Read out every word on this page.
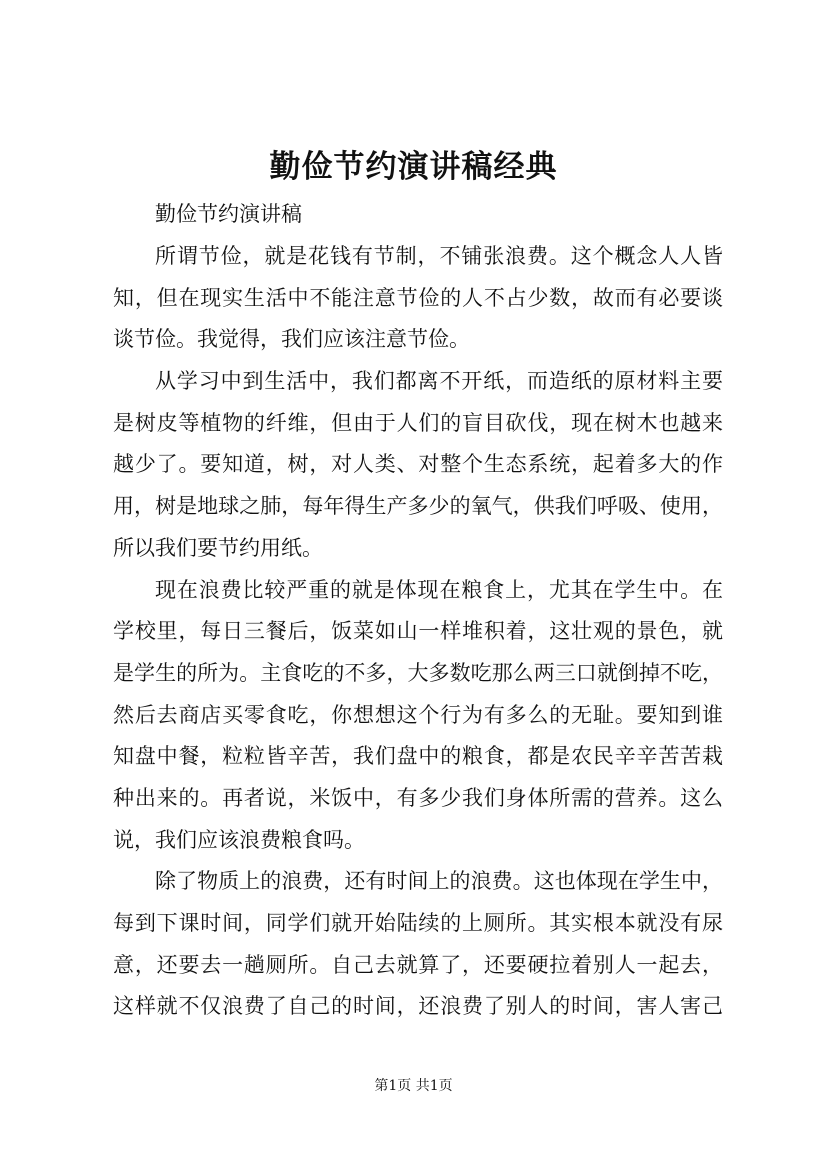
勤俭节约演讲稿经典
勤俭节约演讲稿
所谓节俭，就是花钱有节制，不铺张浪费。这个概念人人皆
知，但在现实生活中不能注意节俭的人不占少数，故而有必要谈
谈节俭。我觉得，我们应该注意节俭。
从学习中到生活中，我们都离不开纸，而造纸的原材料主要
是树皮等植物的纤维，但由于人们的盲目砍伐，现在树木也越来
越少了。要知道，树，对人类、对整个生态系统，起着多大的作
用，树是地球之肺，每年得生产多少的氧气，供我们呼吸、使用，
所以我们要节约用纸。
现在浪费比较严重的就是体现在粮食上，尤其在学生中。在
学校里，每日三餐后，饭菜如山一样堆积着，这壮观的景色，就
是学生的所为。主食吃的不多，大多数吃那么两三口就倒掉不吃，
然后去商店买零食吃，你想想这个行为有多么的无耻。要知到谁
知盘中餐，粒粒皆辛苦，我们盘中的粮食，都是农民辛辛苦苦栽
种出来的。再者说，米饭中，有多少我们身体所需的营养。这么
说，我们应该浪费粮食吗。
除了物质上的浪费，还有时间上的浪费。这也体现在学生中，
每到下课时间，同学们就开始陆续的上厕所。其实根本就没有尿
意，还要去一趟厕所。自己去就算了，还要硬拉着别人一起去，
这样就不仅浪费了自己的时间，还浪费了别人的时间，害人害己
第1页 共1页
